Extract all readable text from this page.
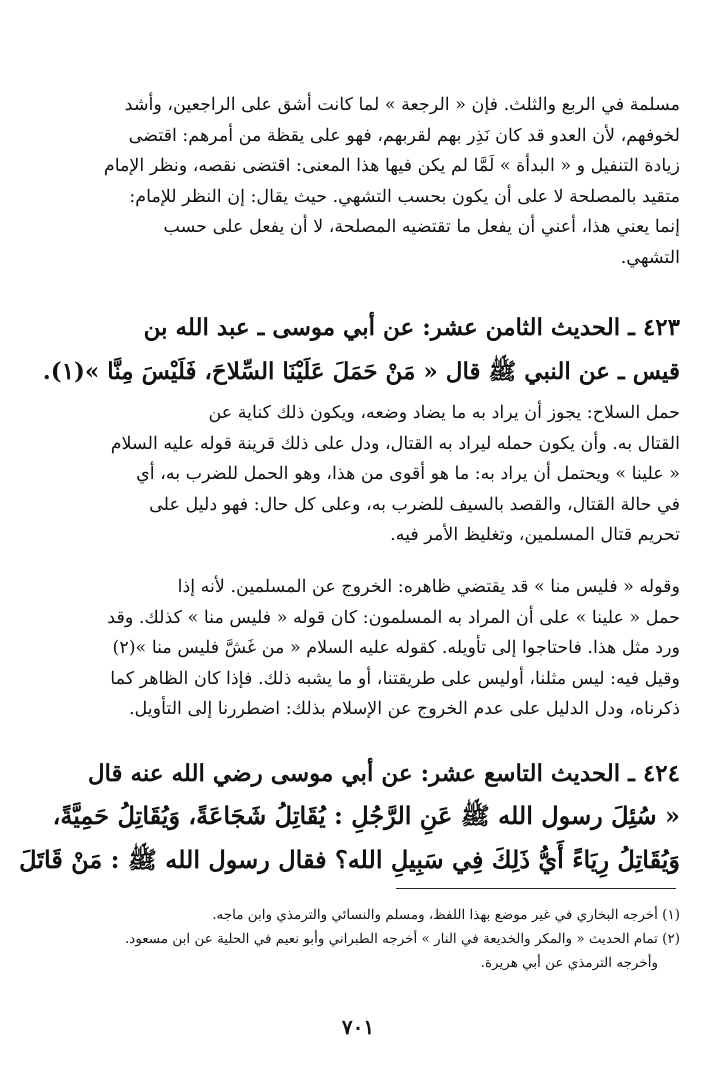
مسلمة في الربع والثلث. فإن « الرجعة » لما كانت أشق على الراجعين، وأشد
لخوفهم، لأن العدو قد كان نَذِر بهم لقربهم، فهو على يقظة من أمرهم: اقتضى
زيادة التنفيل و « البدأة » لَمَّا لم يكن فيها هذا المعنى: اقتضى نقصه، ونظر الإمام
متقيد بالمصلحة لا على أن يكون بحسب التشهي. حيث يقال: إن النظر للإمام:
إنما يعني هذا، أعني أن يفعل ما تقتضيه المصلحة، لا أن يفعل على حسب
التشهي.
٤٢٣ ـ الحديث الثامن عشر: عن أبي موسى ـ عبد الله بن
قيس ـ عن النبي ﷺ قال « مَنْ حَمَلَ عَلَيْنَا السِّلاحَ، فَلَيْسَ مِنَّا »(١).
حمل السلاح: يجوز أن يراد به ما يضاد وضعه، ويكون ذلك كناية عن
القتال به. وأن يكون حمله ليراد به القتال، ودل على ذلك قرينة قوله عليه السلام
« علينا » ويحتمل أن يراد به: ما هو أقوى من هذا، وهو الحمل للضرب به، أي
في حالة القتال، والقصد بالسيف للضرب به، وعلى كل حال: فهو دليل على
تحريم قتال المسلمين، وتغليظ الأمر فيه.
وقوله « فليس منا » قد يقتضي ظاهره: الخروج عن المسلمين. لأنه إذا
حمل « علينا » على أن المراد به المسلمون: كان قوله « فليس منا » كذلك. وقد
ورد مثل هذا. فاحتاجوا إلى تأويله. كقوله عليه السلام « من غَشَّ فليس منا »(٢)
وقيل فيه: ليس مثلنا، أوليس على طريقتنا، أو ما يشبه ذلك. فإذا كان الظاهر كما
ذكرناه، ودل الدليل على عدم الخروج عن الإسلام بذلك: اضطررنا إلى التأويل.
٤٢٤ ـ الحديث التاسع عشر: عن أبي موسى رضي الله عنه قال
« سُئِلَ رسول الله ﷺ عَنِ الرَّجُلِ : يُقَاتِلُ شَجَاعَةً، وَيُقَاتِلُ حَمِيَّةً،
وَيُقَاتِلُ رِيَاءً أَيُّ ذَلِكَ فِي سَبِيلِ الله؟ فقال رسول الله ﷺ : مَنْ قَاتَلَ
(١) أخرجه البخاري في غير موضع بهذا اللفظ، ومسلم والنسائي والترمذي وابن ماجه.
(٢) تمام الحديث « والمكر والخديعة في النار » أخرجه الطبراني وأبو نعيم في الحلية عن ابن مسعود.
وأخرجه الترمذي عن أبي هريرة.
٧٠١
